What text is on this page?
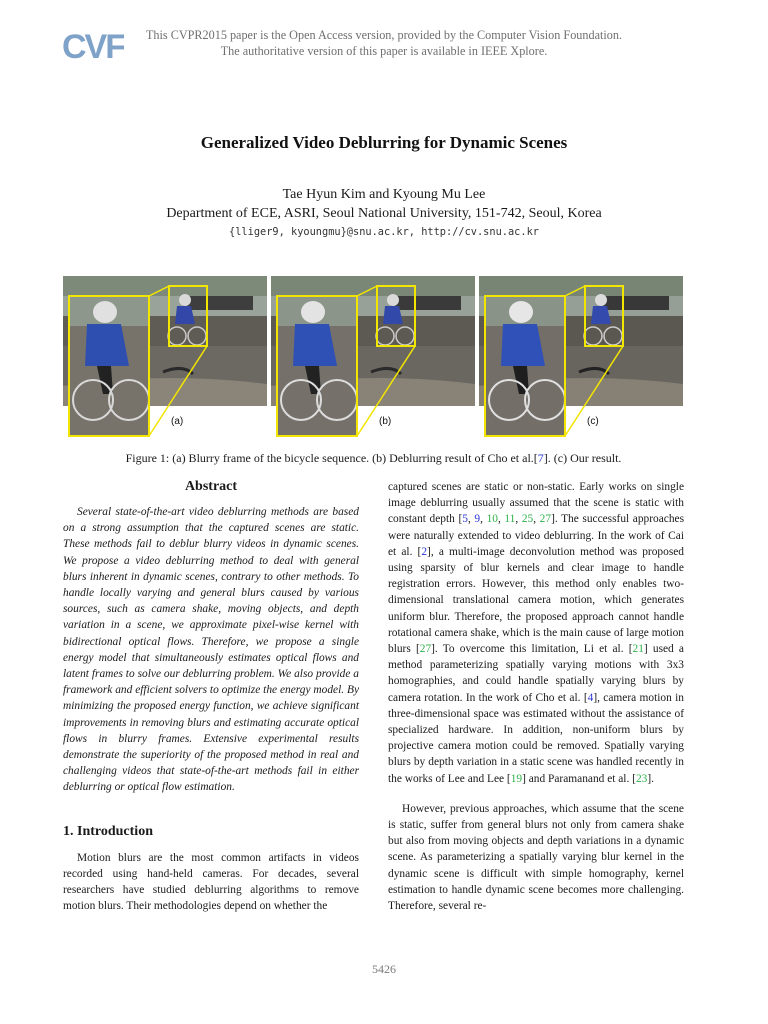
CVF	This CVPR2015 paper is the Open Access version, provided by the Computer Vision Foundation.
The authoritative version of this paper is available in IEEE Xplore.
Generalized Video Deblurring for Dynamic Scenes
Tae Hyun Kim and Kyoung Mu Lee
Department of ECE, ASRI, Seoul National University, 151-742, Seoul, Korea
{lliger9, kyoungmu}@snu.ac.kr, http://cv.snu.ac.kr
(a)	(b)	(c)
Figure 1: (a) Blurry frame of the bicycle sequence. (b) Deblurring result of Cho et al.[7]. (c) Our result.
Abstract

Several state-of-the-art video deblurring methods are based on a strong assumption that the captured scenes are static. These methods fail to deblur blurry videos in dynamic scenes. We propose a video deblurring method to deal with general blurs inherent in dynamic scenes, contrary to other methods. To handle locally varying and general blurs caused by various sources, such as camera shake, moving objects, and depth variation in a scene, we approximate pixel-wise kernel with bidirectional optical flows. Therefore, we propose a single energy model that simultaneously estimates optical flows and latent frames to solve our deblurring problem. We also provide a framework and efficient solvers to optimize the energy model. By minimizing the proposed energy function, we achieve significant improvements in removing blurs and estimating accurate optical flows in blurry frames. Extensive experimental results demonstrate the superiority of the proposed method in real and challenging videos that state-of-the-art methods fail in either deblurring or optical flow estimation.

1. Introduction

Motion blurs are the most common artifacts in videos recorded using hand-held cameras. For decades, several researchers have studied deblurring algorithms to remove motion blurs. Their methodologies depend on whether the

captured scenes are static or non-static. Early works on single image deblurring usually assumed that the scene is static with constant depth [5, 9, 10, 11, 25, 27]. The successful approaches were naturally extended to video deblurring. In the work of Cai et al. [2], a multi-image deconvolution method was proposed using sparsity of blur kernels and clear image to handle registration errors. However, this method only enables two-dimensional translational camera motion, which generates uniform blur. Therefore, the proposed approach cannot handle rotational camera shake, which is the main cause of large motion blurs [27]. To overcome this limitation, Li et al. [21] used a method parameterizing spatially varying motions with 3x3 homographies, and could handle spatially varying blurs by camera rotation. In the work of Cho et al. [4], camera motion in three-dimensional space was estimated without the assistance of specialized hardware. In addition, non-uniform blurs by projective camera motion could be removed. Spatially varying blurs by depth variation in a static scene was handled recently in the works of Lee and Lee [19] and Paramanand et al. [23].

However, previous approaches, which assume that the scene is static, suffer from general blurs not only from camera shake but also from moving objects and depth variations in a dynamic scene. As parameterizing a spatially varying blur kernel in the dynamic scene is difficult with simple homography, kernel estimation to handle dynamic scene becomes more challenging. Therefore, several re-

5426
